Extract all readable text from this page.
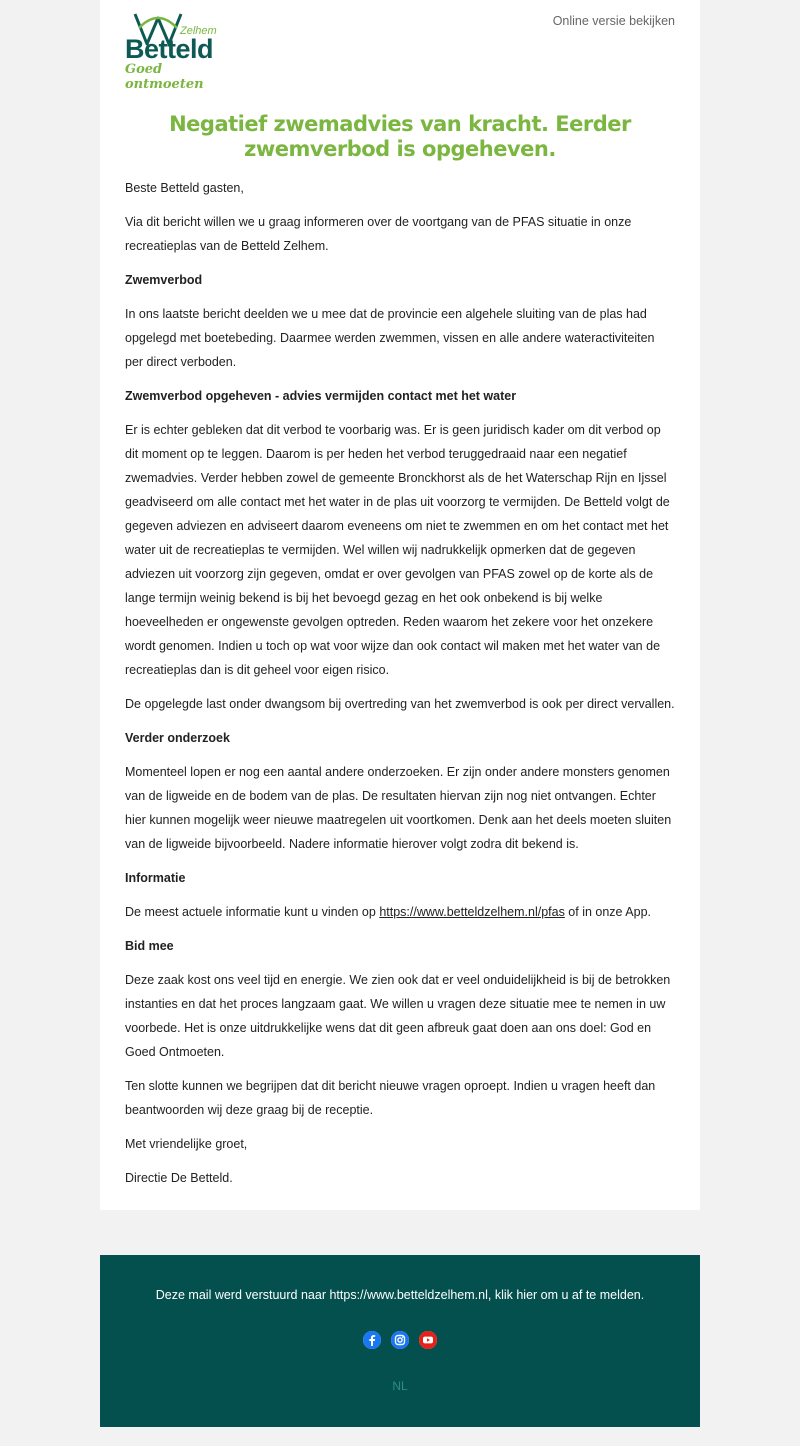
Zelhem
Betteld
Goed ontmoeten
Online versie bekijken
Negatief zwemadvies van kracht. Eerder zwemverbod is opgeheven.

Beste Betteld gasten,

Via dit bericht willen we u graag informeren over de voortgang van de PFAS situatie in onze recreatieplas van de Betteld Zelhem.

Zwemverbod

In ons laatste bericht deelden we u mee dat de provincie een algehele sluiting van de plas had opgelegd met boetebeding. Daarmee werden zwemmen, vissen en alle andere wateractiviteiten per direct verboden.

Zwemverbod opgeheven - advies vermijden contact met het water

Er is echter gebleken dat dit verbod te voorbarig was. Er is geen juridisch kader om dit verbod op dit moment op te leggen. Daarom is per heden het verbod teruggedraaid naar een negatief zwemadvies. Verder hebben zowel de gemeente Bronckhorst als de het Waterschap Rijn en Ijssel geadviseerd om alle contact met het water in de plas uit voorzorg te vermijden. De Betteld volgt de gegeven adviezen en adviseert daarom eveneens om niet te zwemmen en om het contact met het water uit de recreatieplas te vermijden. Wel willen wij nadrukkelijk opmerken dat de gegeven adviezen uit voorzorg zijn gegeven, omdat er over gevolgen van PFAS zowel op de korte als de lange termijn weinig bekend is bij het bevoegd gezag en het ook onbekend is bij welke hoeveelheden er ongewenste gevolgen optreden. Reden waarom het zekere voor het onzekere wordt genomen. Indien u toch op wat voor wijze dan ook contact wil maken met het water van de recreatieplas dan is dit geheel voor eigen risico.

De opgelegde last onder dwangsom bij overtreding van het zwemverbod is ook per direct vervallen.

Verder onderzoek

Momenteel lopen er nog een aantal andere onderzoeken. Er zijn onder andere monsters genomen van de ligweide en de bodem van de plas. De resultaten hiervan zijn nog niet ontvangen. Echter hier kunnen mogelijk weer nieuwe maatregelen uit voortkomen. Denk aan het deels moeten sluiten van de ligweide bijvoorbeeld. Nadere informatie hierover volgt zodra dit bekend is.

Informatie

De meest actuele informatie kunt u vinden op https://www.betteldzelhem.nl/pfas of in onze App.

Bid mee

Deze zaak kost ons veel tijd en energie. We zien ook dat er veel onduidelijkheid is bij de betrokken instanties en dat het proces langzaam gaat. We willen u vragen deze situatie mee te nemen in uw voorbede. Het is onze uitdrukkelijke wens dat dit geen afbreuk gaat doen aan ons doel: God en Goed Ontmoeten.

Ten slotte kunnen we begrijpen dat dit bericht nieuwe vragen oproept. Indien u vragen heeft dan beantwoorden wij deze graag bij de receptie.

Met vriendelijke groet,

Directie De Betteld.

Deze mail werd verstuurd naar https://www.betteldzelhem.nl, klik hier om u af te melden.
NL
